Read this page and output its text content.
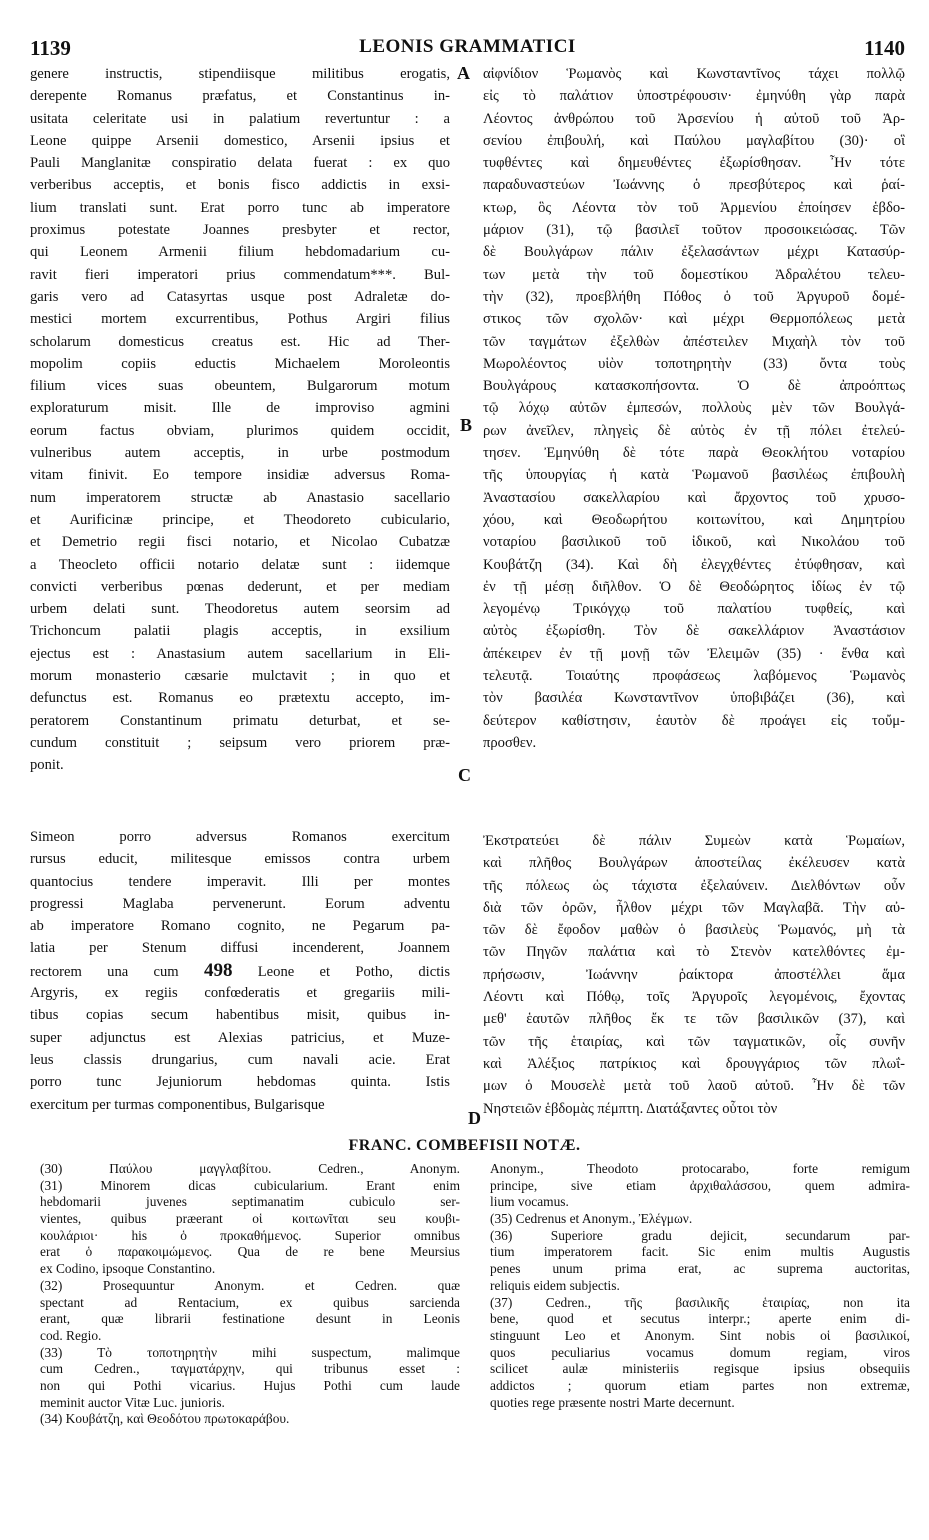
1139	LEONIS GRAMMATICI	1140
genere instructis, stipendiisque militibus erogatis,
derepente Romanus præfatus, et Constantinus in-
usitata celeritate usi in palatium revertuntur : a
Leone quippe Arsenii domestico, Arsenii ipsius et
Pauli Manglanitæ conspiratio delata fuerat : ex quo
verberibus acceptis, et bonis fisco addictis in exsi-
lium translati sunt. Erat porro tunc ab imperatore
proximus potestate Joannes presbyter et rector,
qui Leonem Armenii filium hebdomadarium cu-
ravit fieri imperatori prius commendatum***. Bul-
garis vero ad Catasyrtas usque post Adraletæ do-
mestici mortem excurrentibus, Pothus Argiri filius
scholarum domesticus creatus est. Hic ad Ther-
mopolim copiis eductis Michaelem Moroleontis
filium vices suas obeuntem, Bulgarorum motum
exploraturum misit. Ille de improviso agmini
eorum factus obviam, plurimos quidem occidit,
vulneribus autem acceptis, in urbe postmodum
vitam finivit. Eo tempore insidiæ adversus Roma-
num imperatorem structæ ab Anastasio sacellario
et Aurificinæ principe, et Theodoreto cubiculario,
et Demetrio regii fisci notario, et Nicolao Cubatzæ
a Theocleto officii notario delatæ sunt : iidemque
convicti verberibus pœnas dederunt, et per mediam
urbem delati sunt. Theodoretus autem seorsim ad
Trichoncum palatii plagis acceptis, in exsilium
ejectus est : Anastasium autem sacellarium in Eli-
morum monasterio cæsarie mulctavit ; in quo et
defunctus est. Romanus eo prætextu accepto, im-
peratorem Constantinum primatu deturbat, et se-
cundum constituit ; seipsum vero priorem præ-
ponit.
αἰφνίδιον Ῥωμανὸς καὶ Κωνσταντῖνος τάχει πολλῷ
εἰς τὸ παλάτιον ὑποστρέφουσιν· ἐμηνύθη γὰρ παρὰ
Λέοντος ἀνθρώπου τοῦ Ἀρσενίου ἡ αὐτοῦ τοῦ Ἀρ-
σενίου ἐπιβουλή, καὶ Παύλου μαγλαβίτου (30)· οἳ
τυφθέντες καὶ δημευθέντες ἐξωρίσθησαν. Ἦν τότε
παραδυναστεύων Ἰωάννης ὁ πρεσβύτερος καὶ ῥαί-
κτωρ, ὃς Λέοντα τὸν τοῦ Ἀρμενίου ἐποίησεν ἑβδο-
μάριον (31), τῷ βασιλεῖ τοῦτον προσοικειώσας. Τῶν
δὲ Βουλγάρων πάλιν ἐξελασάντων μέχρι Κατασύρ-
των μετὰ τὴν τοῦ δομεστίκου Ἀδραλέτου τελευ-
τὴν (32), προεβλήθη Πόθος ὁ τοῦ Ἀργυροῦ δομέ-
στικος τῶν σχολῶν· καὶ μέχρι Θερμοπόλεως μετὰ
τῶν ταγμάτων ἐξελθὼν ἀπέστειλεν Μιχαὴλ τὸν τοῦ
Μωρολέοντος υἱὸν τοποτηρητὴν (33) ὄντα τοὺς
Βουλγάρους κατασκοπήσοντα. Ὁ δὲ ἀπροόπτως
τῷ λόχῳ αὐτῶν ἐμπεσών, πολλοὺς μὲν τῶν Βουλγά-
ρων ἀνεῖλεν, πληγεὶς δὲ αὐτὸς ἐν τῇ πόλει ἐτελεύ-
τησεν. Ἐμηνύθη δὲ τότε παρὰ Θεοκλήτου νοταρίου
τῆς ὑπουργίας ἡ κατὰ Ῥωμανοῦ βασιλέως ἐπιβουλὴ
Ἀναστασίου σακελλαρίου καὶ ἄρχοντος τοῦ χρυσο-
χόου, καὶ Θεοδωρήτου κοιτωνίτου, καὶ Δημητρίου
νοταρίου βασιλικοῦ τοῦ ἰδικοῦ, καὶ Νικολάου τοῦ
Κουβάτζη (34). Καὶ δὴ ἐλεγχθέντες ἐτύφθησαν, καὶ
ἐν τῇ μέσῃ διῆλθον. Ὁ δὲ Θεοδώρητος ἰδίως ἐν τῷ
λεγομένῳ Τρικόγχῳ τοῦ παλατίου τυφθείς, καὶ
αὐτὸς ἐξωρίσθη. Τὸν δὲ σακελλάριον Ἀναστάσιον
ἀπέκειρεν ἐν τῇ μονῇ τῶν Ἐλειμῶν (35) · ἔνθα καὶ
τελευτᾷ. Τοιαύτης προφάσεως λαβόμενος Ῥωμανὸς
τὸν βασιλέα Κωνσταντῖνον ὑποβιβάζει (36), καὶ
δεύτερον καθίστησιν, ἑαυτὸν δὲ προάγει εἰς τοὔμ-
προσθεν.
Simeon porro adversus Romanos exercitum
rursus educit, militesque emissos contra urbem
quantocius tendere imperavit. Illi per montes
progressi Maglaba pervenerunt. Eorum adventu
ab imperatore Romano cognito, ne Pegarum pa-
latia per Stenum diffusi incenderent, Joannem
rectorem una cum 498 Leone et Potho, dictis
Argyris, ex regiis confœderatis et gregariis mili-
tibus copias secum habentibus misit, quibus in-
super adjunctus est Alexias patricius, et Muze-
leus classis drungarius, cum navali acie. Erat
porro tunc Jejuniorum hebdomas quinta. Istis
exercitum per turmas componentibus, Bulgarisque
Ἐκστρατεύει δὲ πάλιν Συμεὼν κατὰ Ῥωμαίων,
καὶ πλῆθος Βουλγάρων ἀποστείλας ἐκέλευσεν κατὰ
τῆς πόλεως ὡς τάχιστα ἐξελαύνειν. Διελθόντων οὖν
διὰ τῶν ὀρῶν, ἦλθον μέχρι τῶν Μαγλαβᾶ. Τὴν αὐ-
τῶν δὲ ἔφοδον μαθὼν ὁ βασιλεὺς Ῥωμανός, μὴ τὰ
τῶν Πηγῶν παλάτια καὶ τὸ Στενὸν κατελθόντες ἐμ-
πρήσωσιν, Ἰωάννην ῥαίκτορα ἀποστέλλει ἅμα
Λέοντι καὶ Πόθῳ, τοῖς Ἀργυροῖς λεγομένοις, ἔχοντας
μεθ' ἑαυτῶν πλῆθος ἔκ τε τῶν βασιλικῶν (37), καὶ
τῶν τῆς ἑταιρίας, καὶ τῶν ταγματικῶν, οἷς συνῆν
καὶ Ἀλέξιος πατρίκιος καὶ δρουγγάριος τῶν πλωΐ-
μων ὁ Μουσελὲ μετὰ τοῦ λαοῦ αὐτοῦ. Ἦν δὲ τῶν
Νηστειῶν ἑβδομὰς πέμπτη. Διατάξαντες οὗτοι τὸν
A
B
C
D
FRANC. COMBEFISII NOTÆ.
(30) Παύλου μαγγλαβίτου. Cedren., Anonym.
(31) Minorem dicas cubicularium. Erant enim
hebdomarii juvenes septimanatim cubiculo ser-
vientes, quibus præerant οἱ κοιτωνῖται seu κουβι-
κουλάριοι· his ὁ προκαθήμενος. Superior omnibus
erat ὁ παρακοιμώμενος. Qua de re bene Meursius
ex Codino, ipsoque Constantino.
(32) Prosequuntur Anonym. et Cedren. quæ
spectant ad Rentacium, ex quibus sarcienda
erant, quæ librarii festinatione desunt in Leonis
cod. Regio.
(33) Τὸ τοποτηρητὴν mihi suspectum, malimque
cum Cedren., ταγματάρχην, qui tribunus esset :
non qui Pothi vicarius. Hujus Pothi cum laude
meminit auctor Vitæ Luc. junioris.
(34) Κουβάτζη, καὶ Θεοδότου πρωτοκαράβου.
Anonym., Theodoto protocarabo, forte remigum
principe, sive etiam ἀρχιθαλάσσου, quem admira-
lium vocamus.
(35) Cedrenus et Anonym., Ἐλέγμων.
(36) Superiore gradu dejicit, secundarum par-
tium imperatorem facit. Sic enim multis Augustis
penes unum prima erat, ac suprema auctoritas,
reliquis eidem subjectis.
(37) Cedren., τῆς βασιλικῆς ἑταιρίας, non ita
bene, quod et secutus interpr.; aperte enim di-
stinguunt Leo et Anonym. Sint nobis οἱ βασιλικοί,
quos peculiarius vocamus domum regiam, viros
scilicet aulæ ministeriis regisque ipsius obsequiis
addictos ; quorum etiam partes non extremæ,
quoties rege præsente nostri Marte decernunt.
